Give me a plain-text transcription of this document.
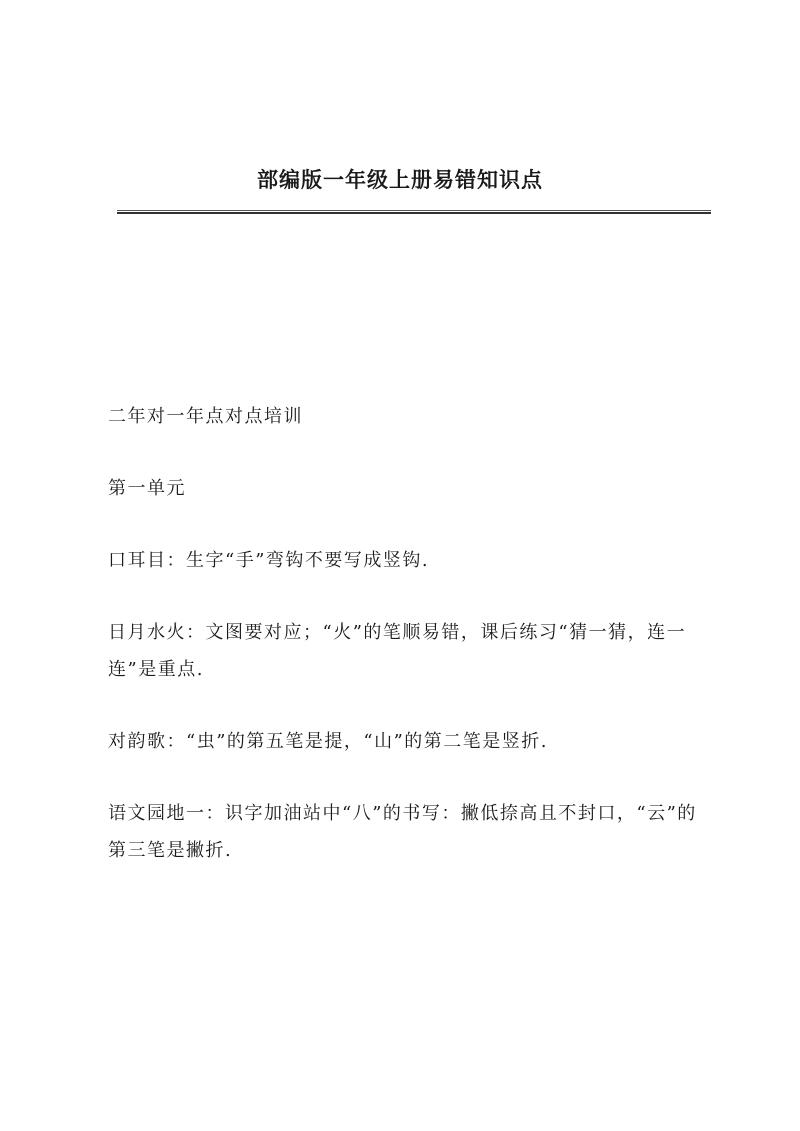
部编版一年级上册易错知识点

二年对一年点对点培训

第一单元

口耳目：生字“手”弯钩不要写成竖钩.

日月水火：文图要对应；“火”的笔顺易错，课后练习“猜一猜，连一连”是重点.

对韵歌：“虫”的第五笔是提，“山”的第二笔是竖折.

语文园地一：识字加油站中“八”的书写：撇低捺高且不封口，“云”的第三笔是撇折.
